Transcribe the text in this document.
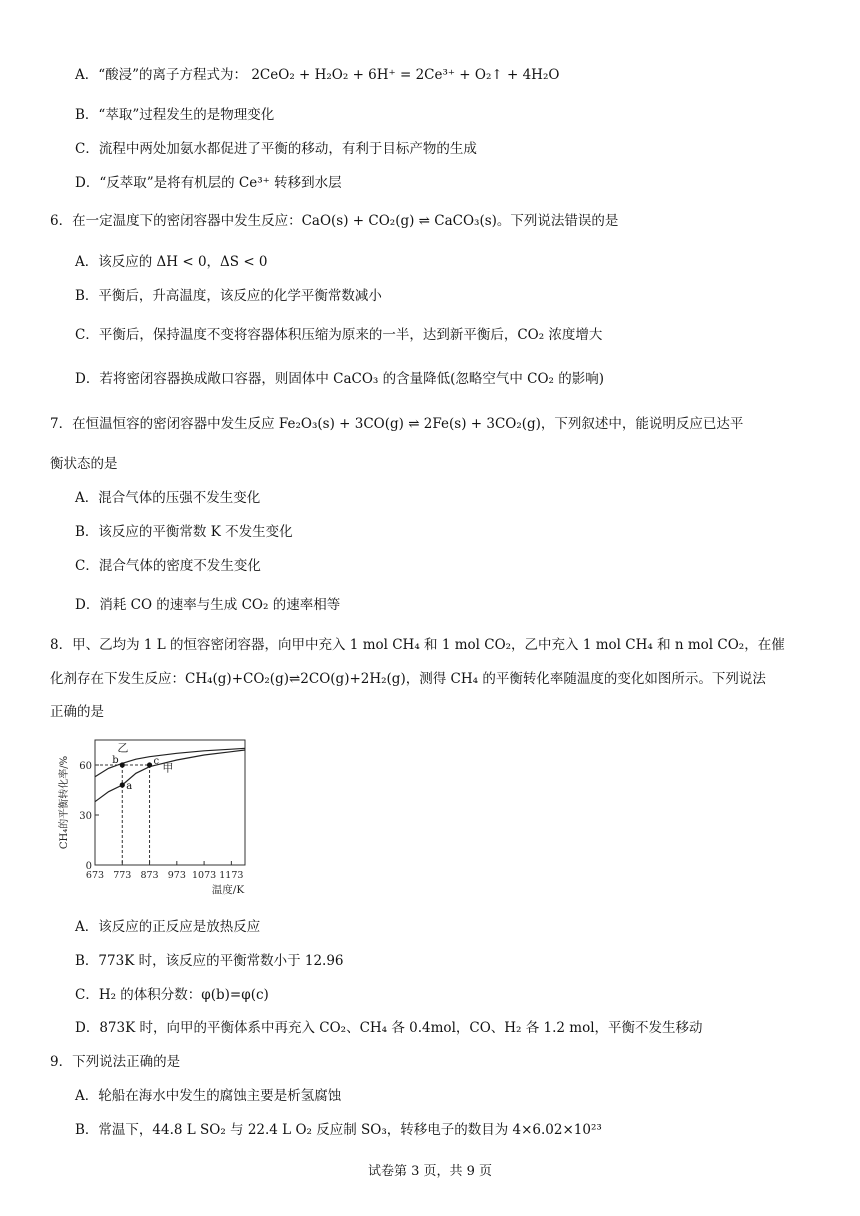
A．“酸浸”的离子方程式为： 2CeO₂ + H₂O₂ + 6H⁺ = 2Ce³⁺ + O₂↑ + 4H₂O
B．“萃取”过程发生的是物理变化
C．流程中两处加氨水都促进了平衡的移动，有利于目标产物的生成
D．“反萃取”是将有机层的 Ce³⁺ 转移到水层
6．在一定温度下的密闭容器中发生反应：CaO(s) + CO₂(g) ⇌ CaCO₃(s)。下列说法错误的是
A．该反应的 ΔH < 0，ΔS < 0
B．平衡后，升高温度，该反应的化学平衡常数减小
C．平衡后，保持温度不变将容器体积压缩为原来的一半，达到新平衡后，CO₂ 浓度增大
D．若将密闭容器换成敞口容器，则固体中 CaCO₃ 的含量降低(忽略空气中 CO₂ 的影响)
7．在恒温恒容的密闭容器中发生反应 Fe₂O₃(s) + 3CO(g) ⇌ 2Fe(s) + 3CO₂(g)，下列叙述中，能说明反应已达平
衡状态的是
A．混合气体的压强不发生变化
B．该反应的平衡常数 K 不发生变化
C．混合气体的密度不发生变化
D．消耗 CO 的速率与生成 CO₂ 的速率相等
8．甲、乙均为 1 L 的恒容密闭容器，向甲中充入 1 mol CH₄ 和 1 mol CO₂，乙中充入 1 mol CH₄ 和 n mol CO₂，在催
化剂存在下发生反应：CH₄(g)+CO₂(g)⇌2CO(g)+2H₂(g)，测得 CH₄ 的平衡转化率随温度的变化如图所示。下列说法
正确的是
0
30
60
673 773 873 973 1073 1173
温度/K
CH₄的平衡转化率/%
乙
甲
a
b	c
A．该反应的正反应是放热反应
B．773K 时，该反应的平衡常数小于 12.96
C．H₂ 的体积分数：φ(b)=φ(c)
D．873K 时，向甲的平衡体系中再充入 CO₂、CH₄ 各 0.4mol，CO、H₂ 各 1.2 mol，平衡不发生移动
9．下列说法正确的是
A．轮船在海水中发生的腐蚀主要是析氢腐蚀
B．常温下，44.8 L SO₂ 与 22.4 L O₂ 反应制 SO₃，转移电子的数目为 4×6.02×10²³
试卷第 3 页，共 9 页
